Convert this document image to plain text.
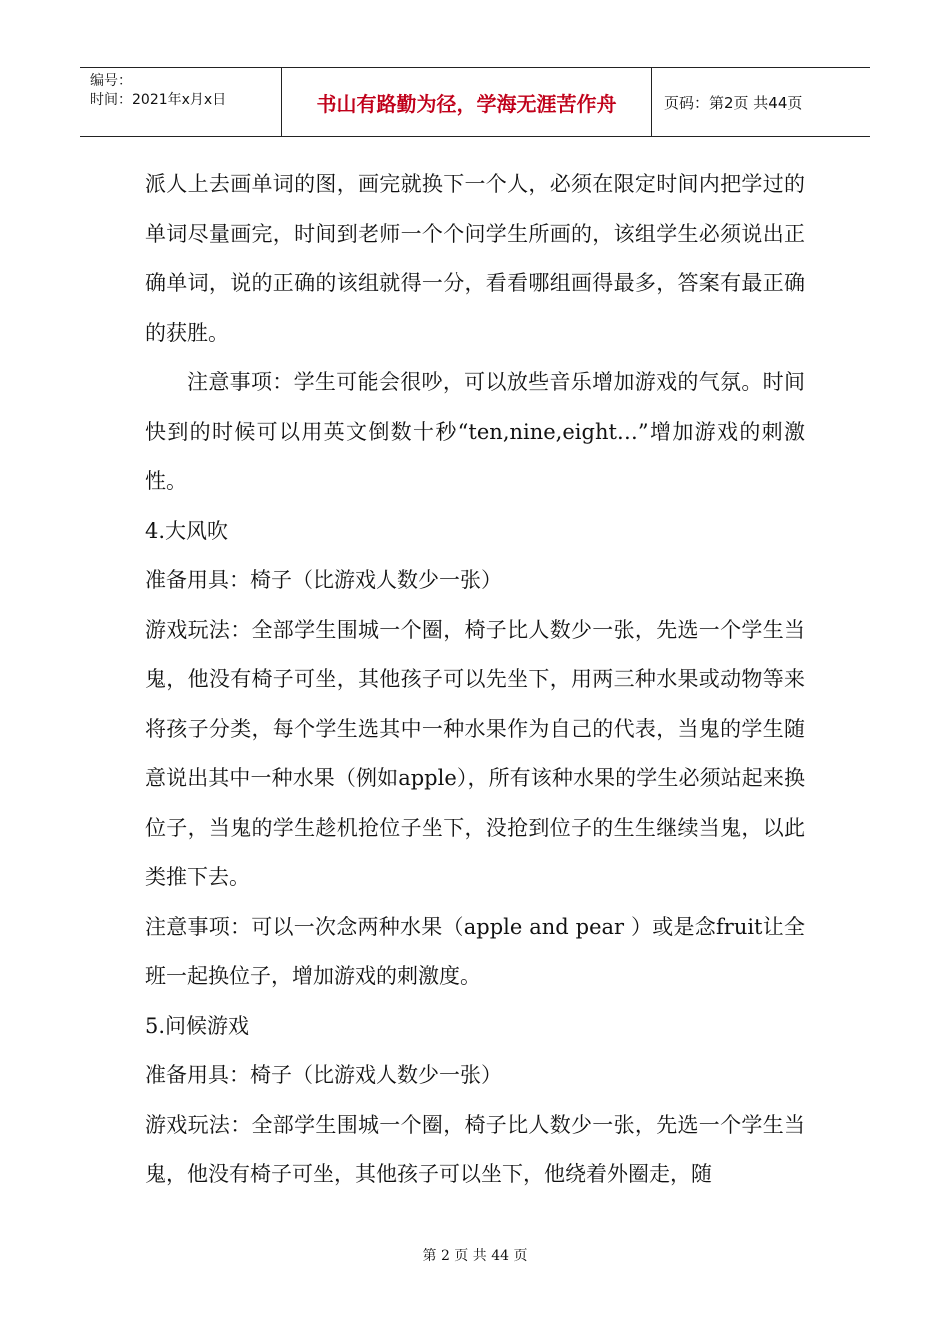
编号：
时间：2021年x月x日	书山有路勤为径，学海无涯苦作舟	页码：第2页 共44页

派人上去画单词的图，画完就换下一个人，必须在限定时间内把学过的单词尽量画完，时间到老师一个个问学生所画的，该组学生必须说出正确单词，说的正确的该组就得一分，看看哪组画得最多，答案有最正确的获胜。

注意事项：学生可能会很吵，可以放些音乐增加游戏的气氛。时间快到的时候可以用英文倒数十秒“ten,nine,eight…”增加游戏的刺激性。

4.大风吹

准备用具：椅子（比游戏人数少一张）

游戏玩法：全部学生围城一个圈，椅子比人数少一张，先选一个学生当鬼，他没有椅子可坐，其他孩子可以先坐下，用两三种水果或动物等来将孩子分类，每个学生选其中一种水果作为自己的代表，当鬼的学生随意说出其中一种水果（例如apple），所有该种水果的学生必须站起来换位子，当鬼的学生趁机抢位子坐下，没抢到位子的生生继续当鬼，以此类推下去。

注意事项：可以一次念两种水果（apple and pear ）或是念fruit让全班一起换位子，增加游戏的刺激度。

5.问候游戏

准备用具：椅子（比游戏人数少一张）

游戏玩法：全部学生围城一个圈，椅子比人数少一张，先选一个学生当鬼，他没有椅子可坐，其他孩子可以坐下，他绕着外圈走，随

第 2 页 共 44 页
